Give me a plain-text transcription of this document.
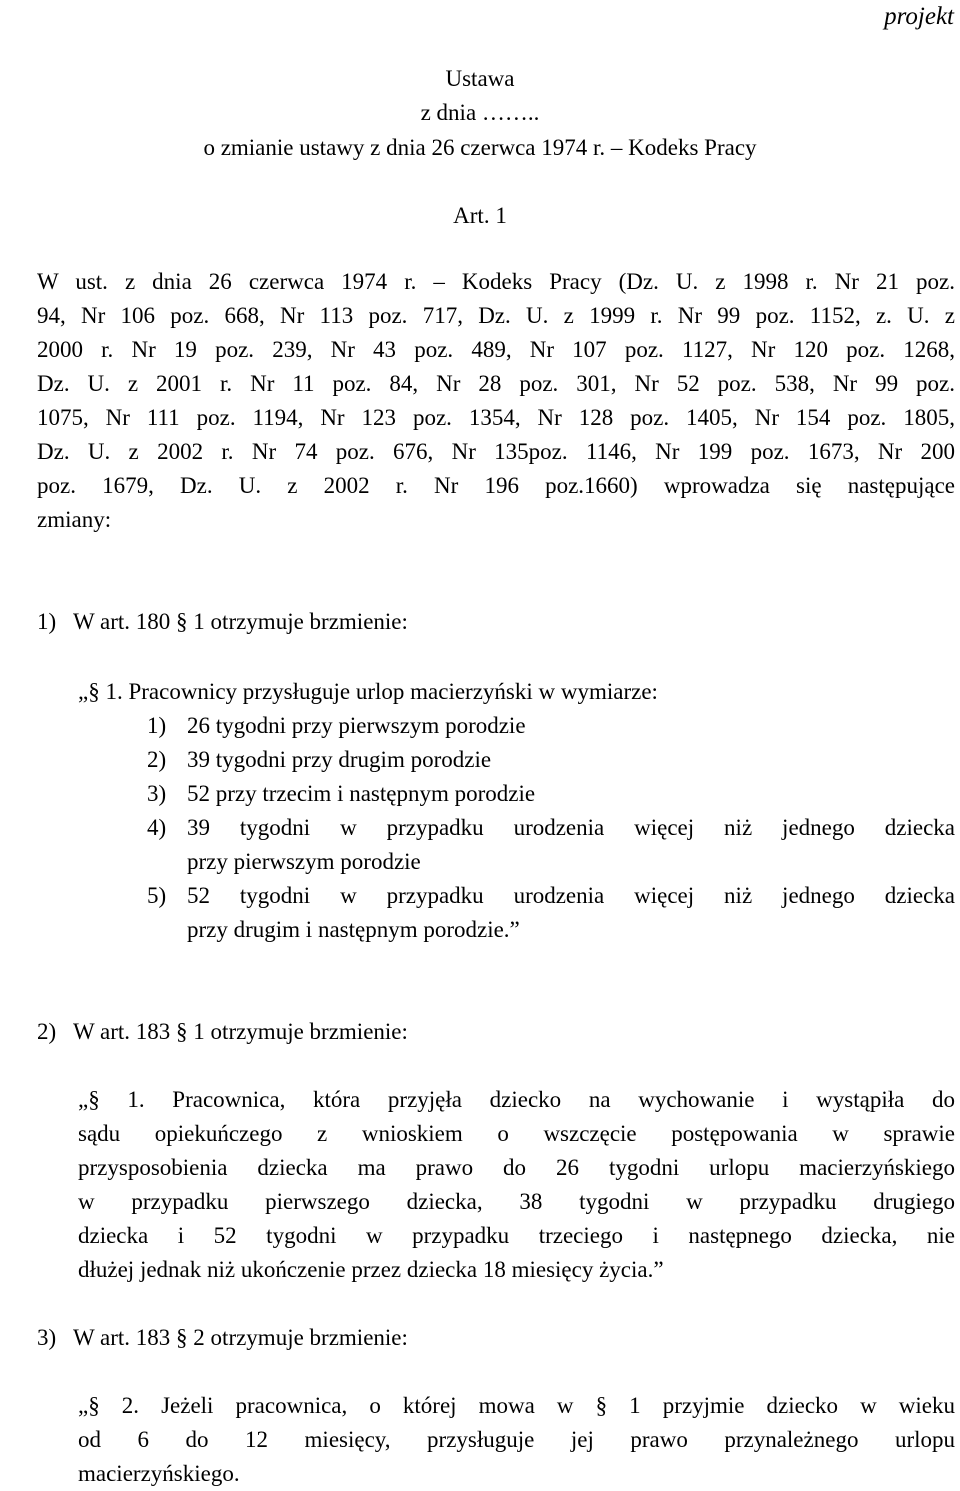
projekt
Ustawa
z dnia ……..
o zmianie ustawy z dnia 26 czerwca 1974 r. – Kodeks Pracy
Art. 1
W ust. z dnia 26 czerwca 1974 r. – Kodeks Pracy (Dz. U. z 1998 r. Nr 21 poz.
94, Nr 106 poz. 668, Nr 113 poz. 717, Dz. U. z 1999 r. Nr 99 poz. 1152, z. U. z
2000 r. Nr 19 poz. 239, Nr 43 poz. 489, Nr 107 poz. 1127, Nr 120 poz. 1268,
Dz. U. z 2001 r. Nr 11 poz. 84, Nr 28 poz. 301, Nr 52 poz. 538, Nr 99 poz.
1075, Nr 111 poz. 1194, Nr 123 poz. 1354, Nr 128 poz. 1405, Nr 154 poz. 1805,
Dz. U. z 2002 r. Nr 74 poz. 676, Nr 135poz. 1146, Nr 199 poz. 1673, Nr 200
poz. 1679, Dz. U. z 2002 r. Nr 196 poz.1660) wprowadza się następujące
zmiany:
1) W art. 180 § 1 otrzymuje brzmienie:
„§ 1. Pracownicy przysługuje urlop macierzyński w wymiarze:
1) 26 tygodni przy pierwszym porodzie
2) 39 tygodni przy drugim porodzie
3) 52 przy trzecim i następnym porodzie
4) 39 tygodni w przypadku urodzenia więcej niż jednego dziecka
przy pierwszym porodzie
5) 52 tygodni w przypadku urodzenia więcej niż jednego dziecka
przy drugim i następnym porodzie.”
2) W art. 183 § 1 otrzymuje brzmienie:
„§ 1. Pracownica, która przyjęła dziecko na wychowanie i wystąpiła do
sądu opiekuńczego z wnioskiem o wszczęcie postępowania w sprawie
przysposobienia dziecka ma prawo do 26 tygodni urlopu macierzyńskiego
w przypadku pierwszego dziecka, 38 tygodni w przypadku drugiego
dziecka i 52 tygodni w przypadku trzeciego i następnego dziecka, nie
dłużej jednak niż ukończenie przez dziecka 18 miesięcy życia.”
3) W art. 183 § 2 otrzymuje brzmienie:
„§ 2. Jeżeli pracownica, o której mowa w § 1 przyjmie dziecko w wieku
od 6 do 12 miesięcy, przysługuje jej prawo przynależnego urlopu
macierzyńskiego.
